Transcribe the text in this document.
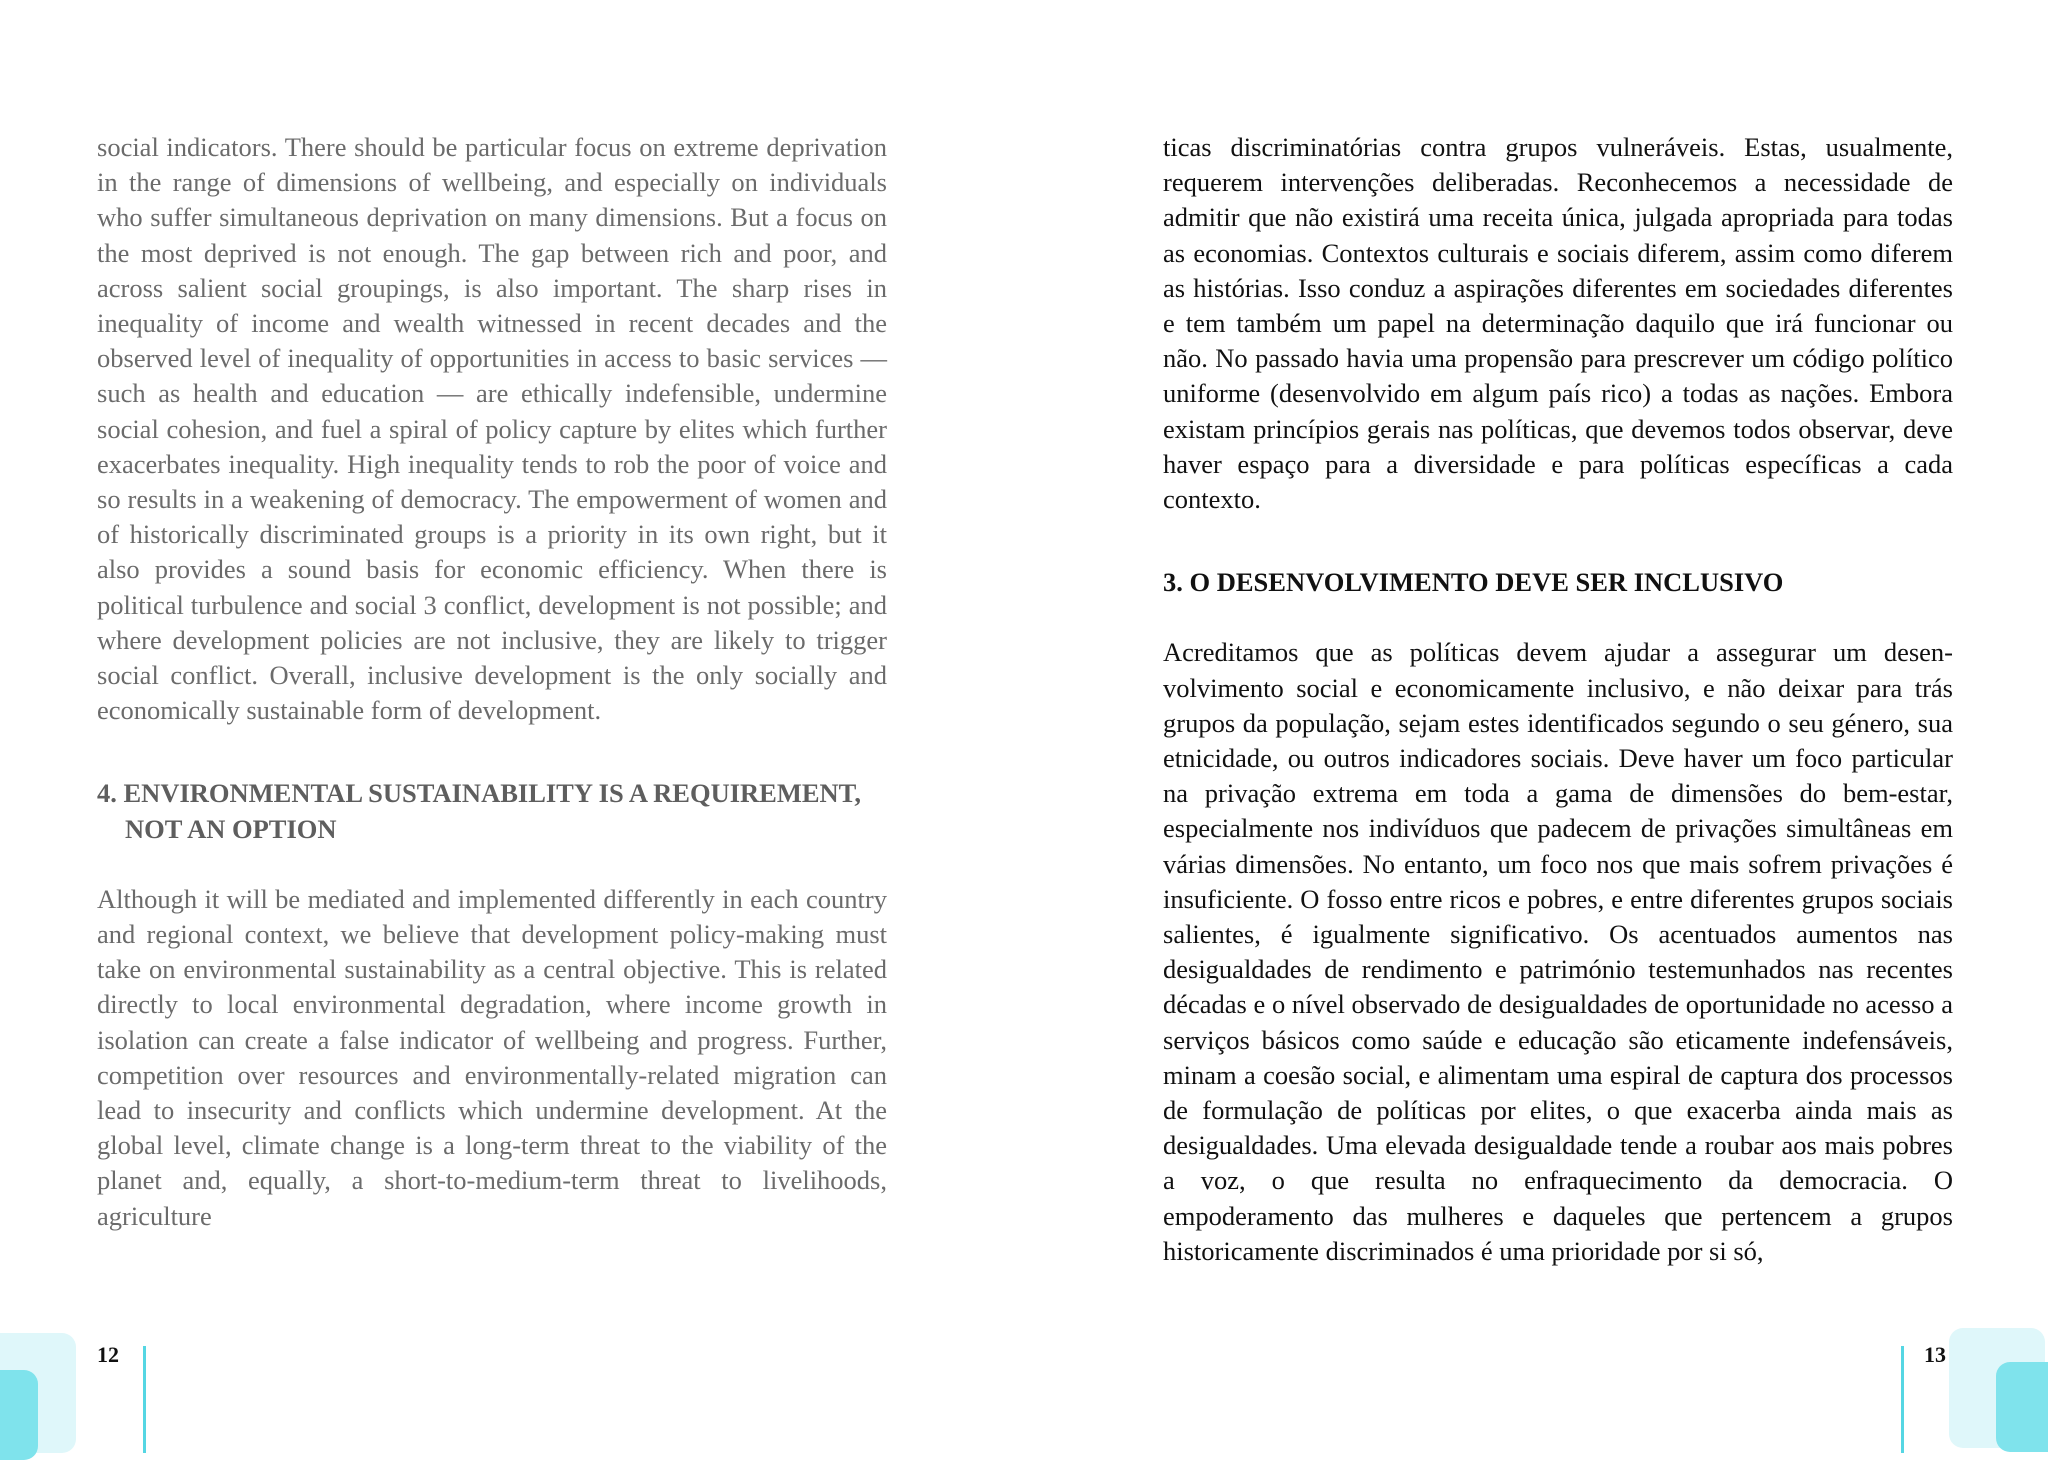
social indicators. There should be particular focus on extreme deprivation in the range of dimensions of wellbeing, and especially on individuals who suffer simultaneous deprivation on many dimensions. But a focus on the most deprived is not enough. The gap between rich and poor, and across salient social groupings, is also important. The sharp rises in inequality of income and wealth witnessed in recent decades and the observed level of inequality of opportunities in access to basic services — such as health and education — are ethically indefensible, undermine social cohesion, and fuel a spiral of policy capture by elites which further exacerbates inequality. High inequality tends to rob the poor of voice and so results in a weakening of democracy. The empowerment of women and of historically discriminated groups is a priority in its own right, but it also provides a sound basis for economic efficiency. When there is political turbulence and social 3 conflict, development is not possible; and where development policies are not inclusive, they are likely to trigger social conflict. Overall, inclusive development is the only socially and economically sustainable form of development.

4. ENVIRONMENTAL SUSTAINABILITY IS A REQUIREMENT, NOT AN OPTION

Although it will be mediated and implemented differently in each country and regional context, we believe that development policy-making must take on environmental sustainability as a central objective. This is related directly to local environmental degradation, where income growth in isolation can create a false indicator of wellbeing and progress. Further, competition over resources and environmentally-related migration can lead to insecurity and conflicts which undermine development. At the global level, climate change is a long-term threat to the viability of the planet and, equally, a short-to-medium-term threat to livelihoods, agriculture

12

ticas discriminatórias contra grupos vulneráveis. Estas, usualmente, requerem intervenções deliberadas. Reconhecemos a necessidade de admitir que não existirá uma receita única, julgada apropriada para todas as economias. Contextos culturais e sociais diferem, assim como diferem as histórias. Isso conduz a aspirações diferentes em sociedades diferentes e tem também um papel na determinação daquilo que irá funcionar ou não. No passado havia uma propensão para prescrever um código político uniforme (desenvolvido em algum país rico) a todas as nações. Embora existam princípios gerais nas políticas, que devemos todos observar, deve haver espaço para a diversidade e para políticas específicas a cada contexto.

3. O DESENVOLVIMENTO DEVE SER INCLUSIVO

Acreditamos que as políticas devem ajudar a assegurar um desenvolvimento social e economicamente inclusivo, e não deixar para trás grupos da população, sejam estes identificados segundo o seu género, sua etnicidade, ou outros indicadores sociais. Deve haver um foco particular na privação extrema em toda a gama de dimensões do bem-estar, especialmente nos indivíduos que padecem de privações simultâneas em várias dimensões. No entanto, um foco nos que mais sofrem privações é insuficiente. O fosso entre ricos e pobres, e entre diferentes grupos sociais salientes, é igualmente significativo. Os acentuados aumentos nas desigualdades de rendimento e património testemunhados nas recentes décadas e o nível observado de desigualdades de oportunidade no acesso a serviços básicos como saúde e educação são eticamente indefensáveis, minam a coesão social, e alimentam uma espiral de captura dos processos de formulação de políticas por elites, o que exacerba ainda mais as desigualdades. Uma elevada desigualdade tende a roubar aos mais pobres a voz, o que resulta no enfraquecimento da democracia. O empoderamento das mulheres e daqueles que pertencem a grupos historicamente discriminados é uma prioridade por si só,

13
